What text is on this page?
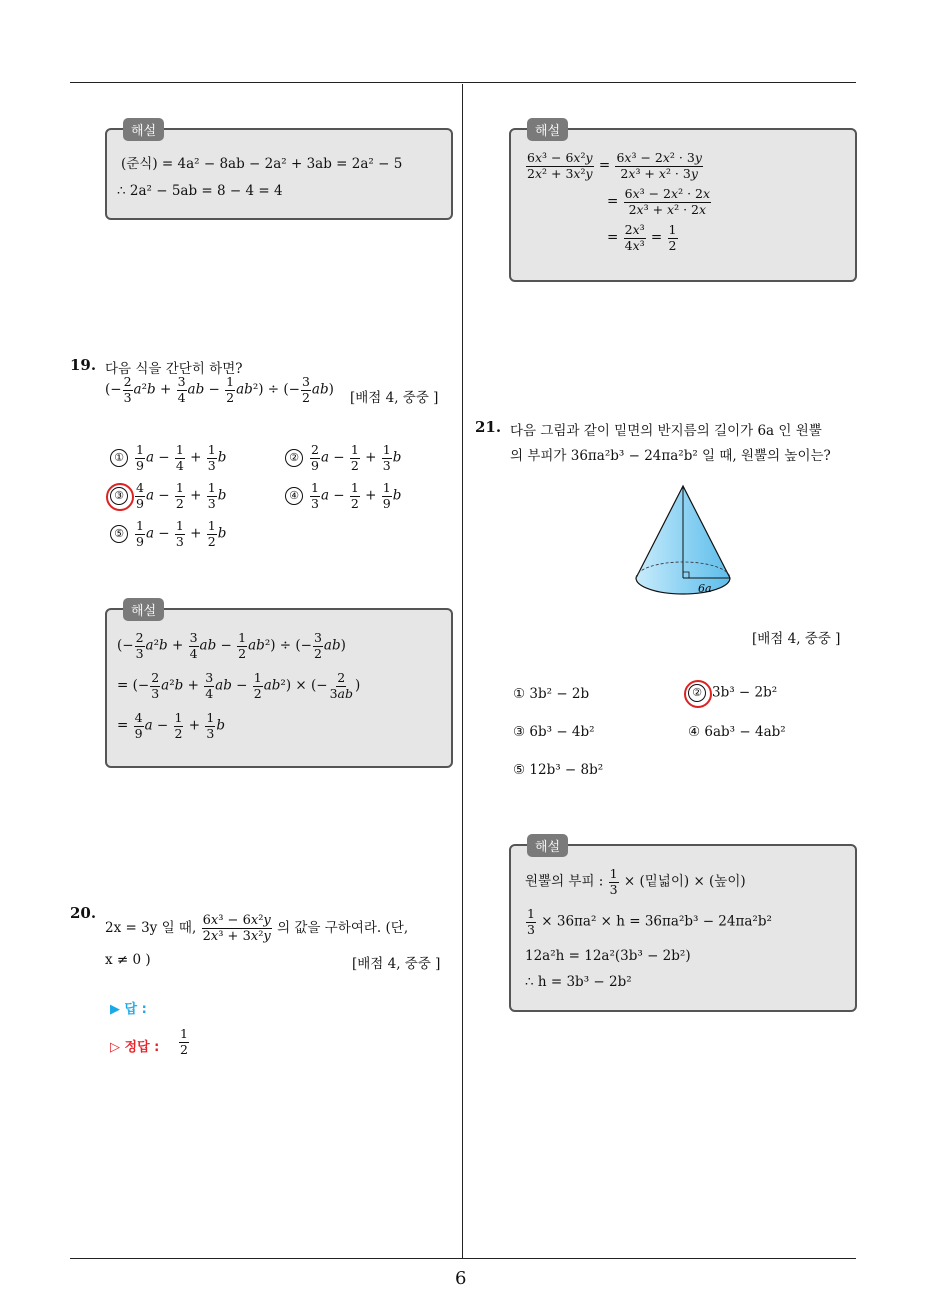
해설
(준식) = 4a² − 8ab − 2a² + 3ab = 2a² − 5
∴ 2a² − 5ab = 8 − 4 = 4
19. 다음 식을 간단히 하면?
(− $\frac{2}{3} a^2b + \frac{3}{4}$ ab − $\frac{1}{2} ab^2$) ÷ (− $\frac{3}{2} ab$)
[배점 4, 중중 ]
① $\frac{1}{9}$ $a - \frac{1}{4} + \frac{1}{3}$ b	② $\frac{2}{9}$ $a - \frac{1}{2} + \frac{1}{3}$ b
③ $\frac{4}{9}$ $a - \frac{1}{2} + \frac{1}{3}$ b	④ $\frac{1}{3}$ $a - \frac{1}{2} + \frac{1}{9}$ b
⑤ $\frac{1}{9}$ $a - \frac{1}{3} + \frac{1}{2}$ b
해설
(− $\frac{2}{3} a^2b + \frac{3}{4}$ ab − $\frac{1}{2} ab^2$) ÷ (− $\frac{3}{2} ab$)
= (− $\frac{2}{3} a^2b + \frac{3}{4}$ ab − $\frac{1}{2} ab^2$) × (− $\frac{2}{3ab}$ )
= $\frac{4}{9}$ $a - \frac{1}{2} + \frac{1}{3}$ b
20.
2x = 3y 일 때, $\frac{\text{6x³ − 6x²y}}{\text{2x³ + 3x²y}}$ 의 값을 구하여라. (단,
x ≠ 0 )	[배점 4, 중중 ]
▶ 답 :
▷ 정답 : $\frac{1}{2}$
해설
$\frac{\text{6x³ − 6x²y}}{\text{2x² + 3x²y}} = \frac{\text{6x³ − 2x² · 3y}}{\text{2x³ + x² · 3y}}$
= $\frac{\text{6x³ − 2x² · 2x}}{\text{2x³ + x² · 2x}}$
= $\frac{\text{2x³}}{\text{4x³}} = \frac{1}{2}$
21. 다음 그림과 같이 밑면의 반지름의 길이가 6a 인 원뿔
의 부피가 36πa²b³ − 24πa²b² 일 때, 원뿔의 높이는?
6a
[배점 4, 중중 ]
① 3b² − 2b	② 3b³ − 2b²
③ 6b³ − 4b²	④ 6ab³ − 4ab²
⑤ 12b³ − 8b²
해설
원뿔의 부피 : $\frac{1}{3}$ × (밑넓이) × (높이)
$\frac{1}{3} \times 36\pi a^2 \times h = 36\pi a^2b^3 - 24\pi a^2b^2$
12a²h = 12a²(3b³ − 2b²)
∴ h = 3b³ − 2b²
6
